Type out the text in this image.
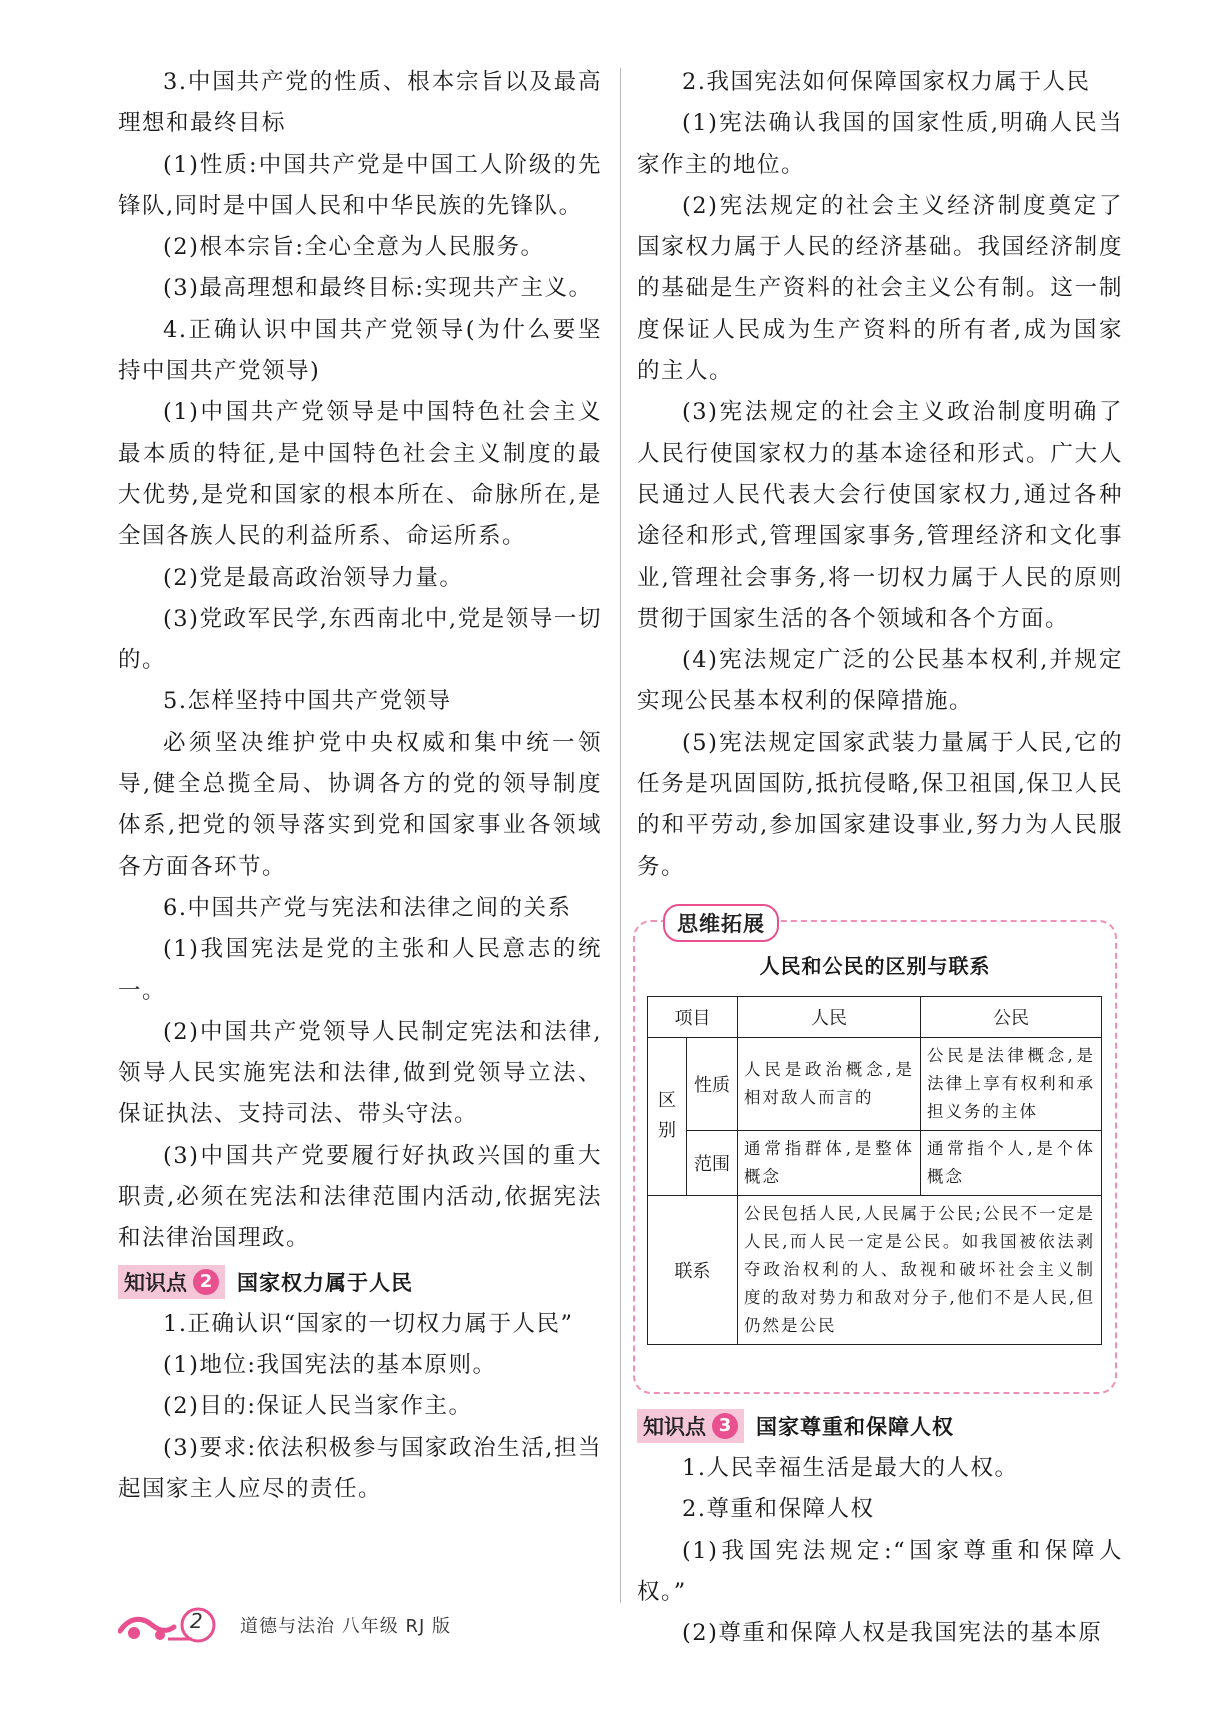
3.中国共产党的性质、根本宗旨以及最高理想和最终目标

(1)性质:中国共产党是中国工人阶级的先锋队,同时是中国人民和中华民族的先锋队。

(2)根本宗旨:全心全意为人民服务。

(3)最高理想和最终目标:实现共产主义。

4.正确认识中国共产党领导(为什么要坚持中国共产党领导)

(1)中国共产党领导是中国特色社会主义最本质的特征,是中国特色社会主义制度的最大优势,是党和国家的根本所在、命脉所在,是全国各族人民的利益所系、命运所系。

(2)党是最高政治领导力量。

(3)党政军民学,东西南北中,党是领导一切的。

5.怎样坚持中国共产党领导

必须坚决维护党中央权威和集中统一领导,健全总揽全局、协调各方的党的领导制度体系,把党的领导落实到党和国家事业各领域各方面各环节。

6.中国共产党与宪法和法律之间的关系

(1)我国宪法是党的主张和人民意志的统一。

(2)中国共产党领导人民制定宪法和法律,领导人民实施宪法和法律,做到党领导立法、保证执法、支持司法、带头守法。

(3)中国共产党要履行好执政兴国的重大职责,必须在宪法和法律范围内活动,依据宪法和法律治国理政。

知识点 2	国家权力属于人民

1.正确认识“国家的一切权力属于人民”

(1)地位:我国宪法的基本原则。

(2)目的:保证人民当家作主。

(3)要求:依法积极参与国家政治生活,担当起国家主人应尽的责任。

2.我国宪法如何保障国家权力属于人民

(1)宪法确认我国的国家性质,明确人民当家作主的地位。

(2)宪法规定的社会主义经济制度奠定了国家权力属于人民的经济基础。我国经济制度的基础是生产资料的社会主义公有制。这一制度保证人民成为生产资料的所有者,成为国家的主人。

(3)宪法规定的社会主义政治制度明确了人民行使国家权力的基本途径和形式。广大人民通过人民代表大会行使国家权力,通过各种途径和形式,管理国家事务,管理经济和文化事业,管理社会事务,将一切权力属于人民的原则贯彻于国家生活的各个领域和各个方面。

(4)宪法规定广泛的公民基本权利,并规定实现公民基本权利的保障措施。

(5)宪法规定国家武装力量属于人民,它的任务是巩固国防,抵抗侵略,保卫祖国,保卫人民的和平劳动,参加国家建设事业,努力为人民服务。

思维拓展
人民和公民的区别与联系
项目		人民	公民
区别	性质	人民是政治概念,是相对敌人而言的	公民是法律概念,是法律上享有权利和承担义务的主体
	范围	通常指群体,是整体概念	通常指个人,是个体概念
联系		公民包括人民,人民属于公民;公民不一定是人民,而人民一定是公民。如我国被依法剥夺政治权利的人、敌视和破坏社会主义制度的敌对势力和敌对分子,他们不是人民,但仍然是公民	
知识点 3	国家尊重和保障人权

1.人民幸福生活是最大的人权。

2.尊重和保障人权

(1)我国宪法规定:“国家尊重和保障人权。”

(2)尊重和保障人权是我国宪法的基本原

2 道德与法治 八年级 RJ 版
